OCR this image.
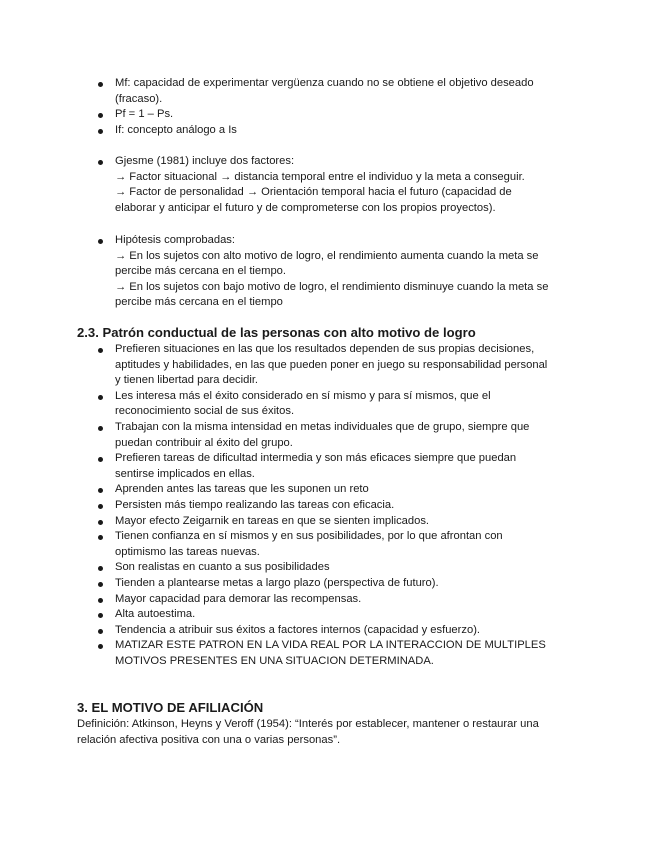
Mf: capacidad de experimentar vergüenza cuando no se obtiene el objetivo deseado
(fracaso).
Pf = 1 – Ps.
If: concepto análogo a Is
Gjesme (1981) incluye dos factores:
→ Factor situacional → distancia temporal entre el individuo y la meta a conseguir.
→ Factor de personalidad → Orientación temporal hacia el futuro (capacidad de
elaborar y anticipar el futuro y de comprometerse con los propios proyectos).
Hipótesis comprobadas:
→ En los sujetos con alto motivo de logro, el rendimiento aumenta cuando la meta se
percibe más cercana en el tiempo.
→ En los sujetos con bajo motivo de logro, el rendimiento disminuye cuando la meta se
percibe más cercana en el tiempo
2.3. Patrón conductual de las personas con alto motivo de logro
Prefieren situaciones en las que los resultados dependen de sus propias decisiones,
aptitudes y habilidades, en las que pueden poner en juego su responsabilidad personal
y tienen libertad para decidir.
Les interesa más el éxito considerado en sí mismo y para sí mismos, que el
reconocimiento social de sus éxitos.
Trabajan con la misma intensidad en metas individuales que de grupo, siempre que
puedan contribuir al éxito del grupo.
Prefieren tareas de dificultad intermedia y son más eficaces siempre que puedan
sentirse implicados en ellas.
Aprenden antes las tareas que les suponen un reto
Persisten más tiempo realizando las tareas con eficacia.
Mayor efecto Zeigarnik en tareas en que se sienten implicados.
Tienen confianza en sí mismos y en sus posibilidades, por lo que afrontan con
optimismo las tareas nuevas.
Son realistas en cuanto a sus posibilidades
Tienden a plantearse metas a largo plazo (perspectiva de futuro).
Mayor capacidad para demorar las recompensas.
Alta autoestima.
Tendencia a atribuir sus éxitos a factores internos (capacidad y esfuerzo).
MATIZAR ESTE PATRON EN LA VIDA REAL POR LA INTERACCION DE MULTIPLES
MOTIVOS PRESENTES EN UNA SITUACION DETERMINADA.
3. EL MOTIVO DE AFILIACIÓN
Definición: Atkinson, Heyns y Veroff (1954): “Interés por establecer, mantener o restaurar una
relación afectiva positiva con una o varias personas”.
